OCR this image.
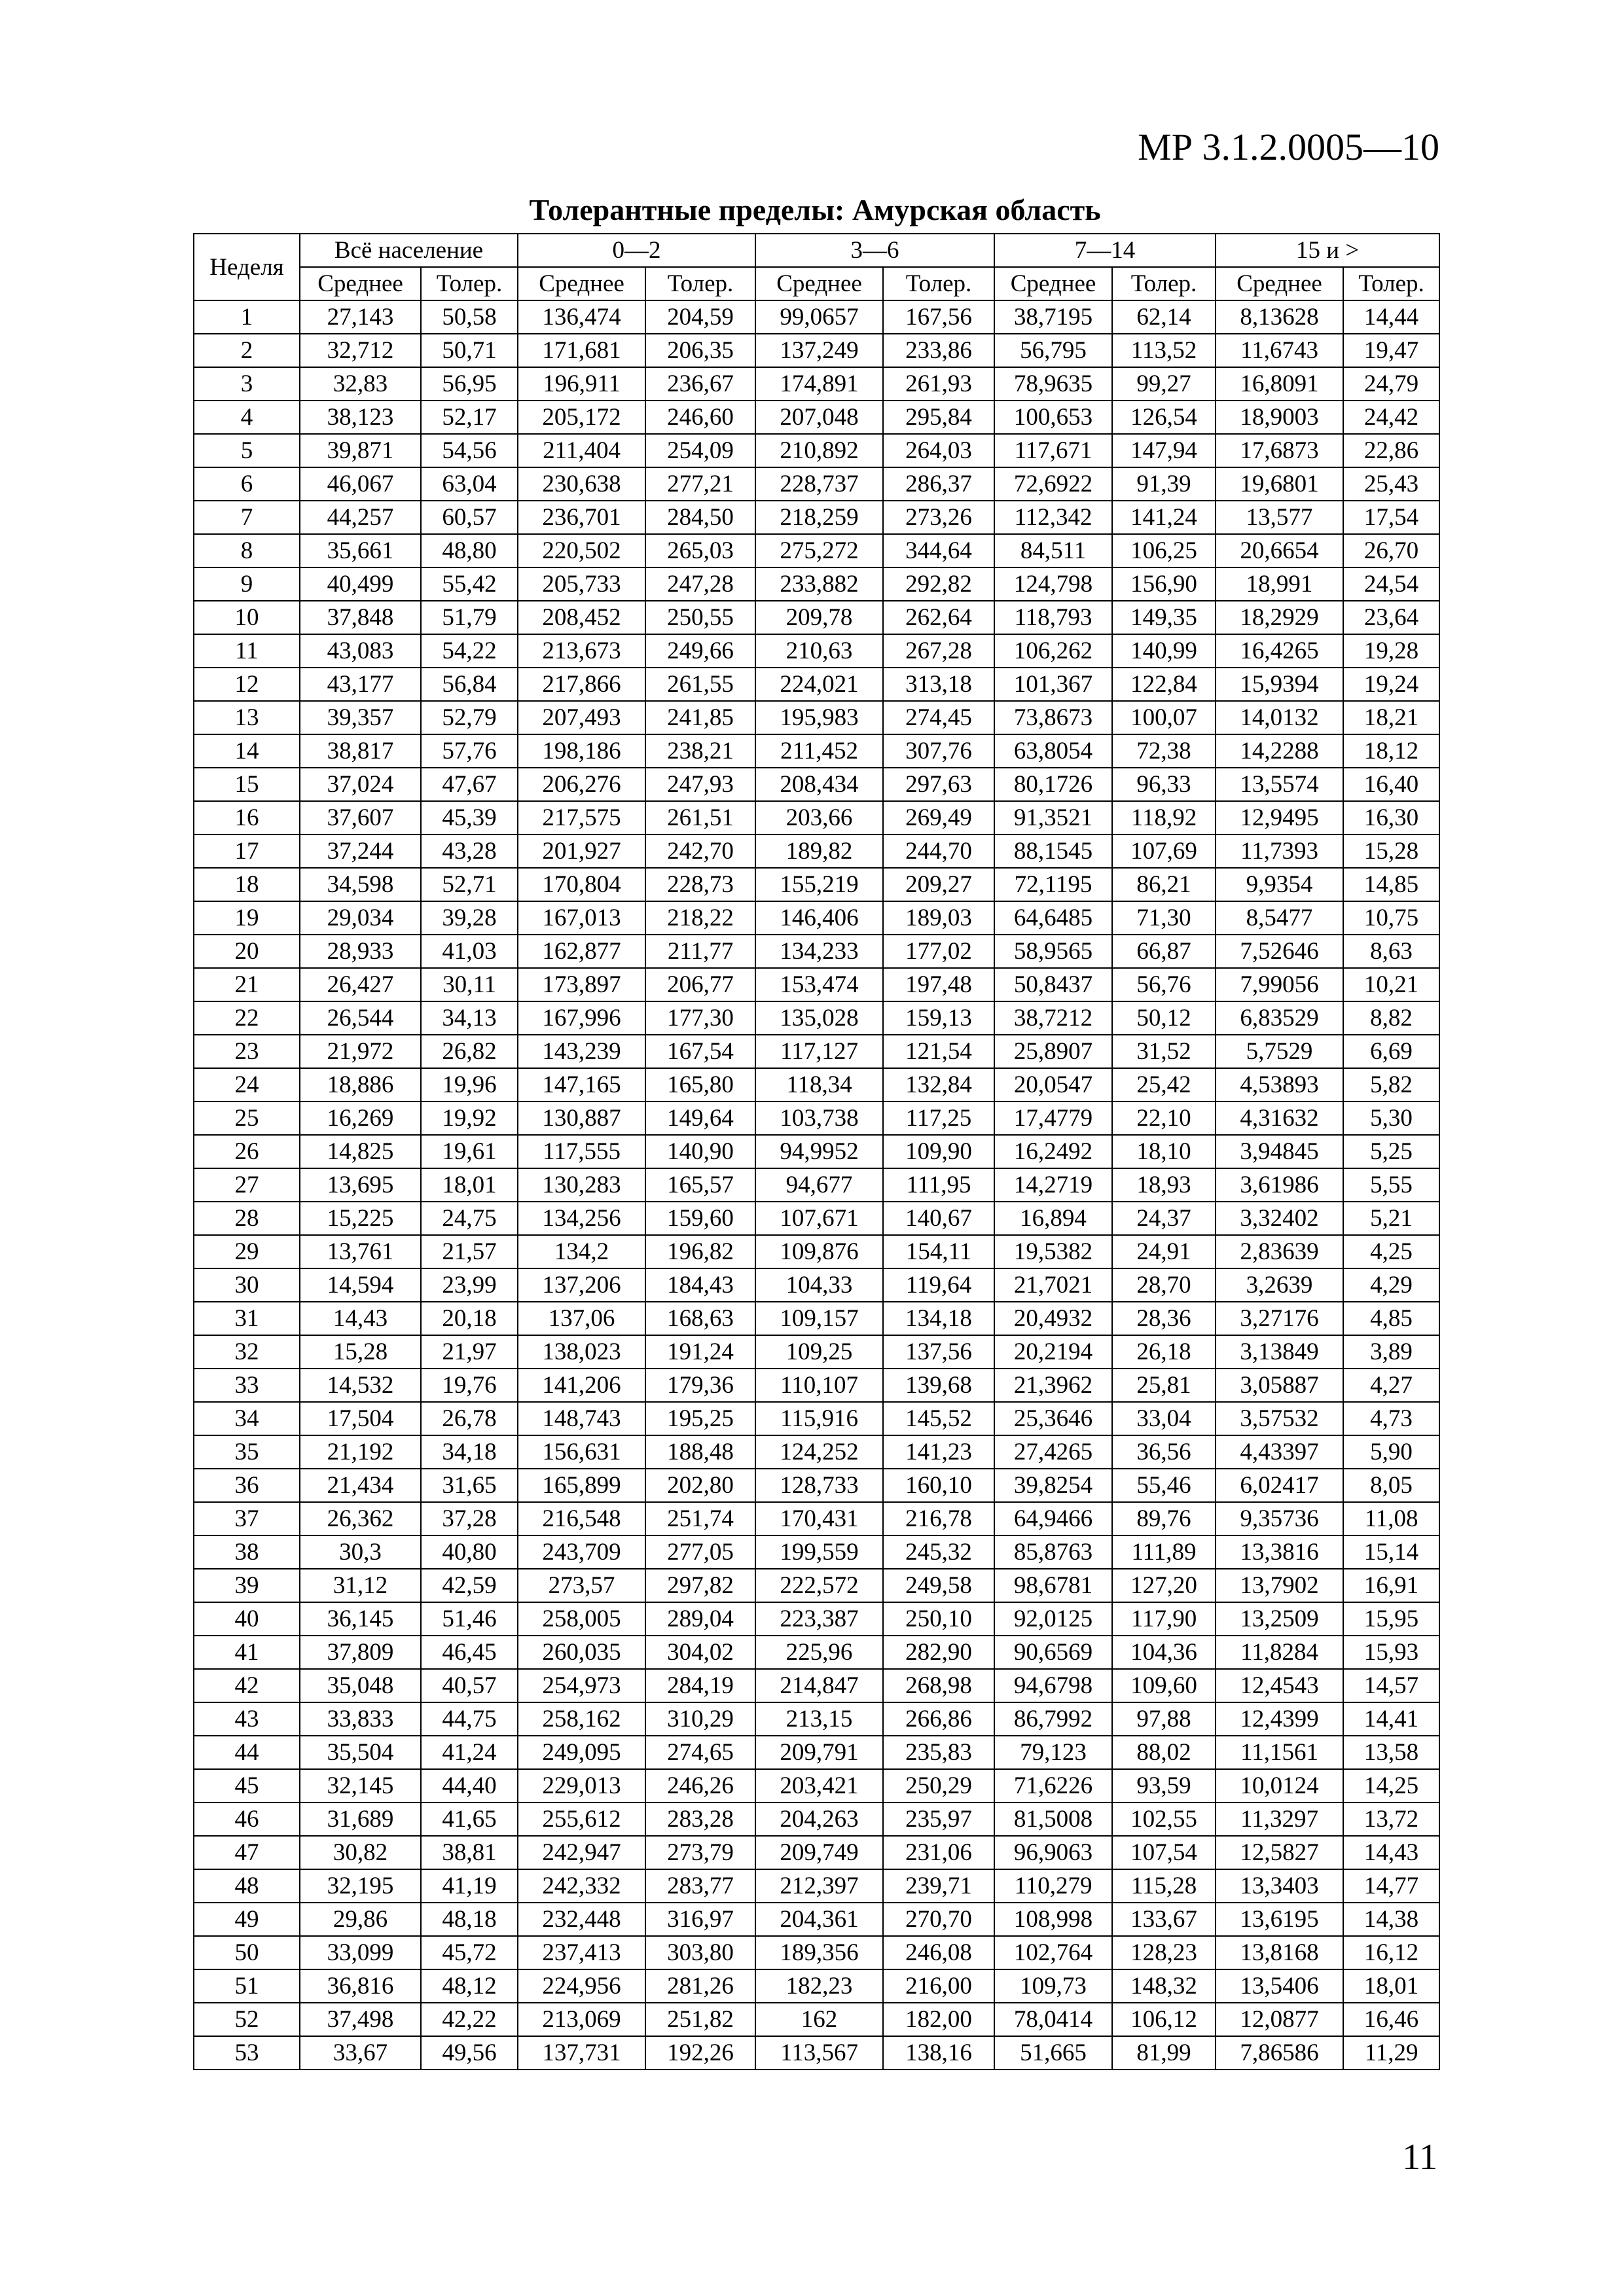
МР 3.1.2.0005—10
Толерантные пределы: Амурская область
Неделя	Всё население		0—2		3—6		7—14		15 и >	
	Среднее	Толер.	Среднее	Толер.	Среднее	Толер.	Среднее	Толер.	Среднее	Толер.
1	27,143	50,58	136,474	204,59	99,0657	167,56	38,7195	62,14	8,13628	14,44
2	32,712	50,71	171,681	206,35	137,249	233,86	56,795	113,52	11,6743	19,47
3	32,83	56,95	196,911	236,67	174,891	261,93	78,9635	99,27	16,8091	24,79
4	38,123	52,17	205,172	246,60	207,048	295,84	100,653	126,54	18,9003	24,42
5	39,871	54,56	211,404	254,09	210,892	264,03	117,671	147,94	17,6873	22,86
6	46,067	63,04	230,638	277,21	228,737	286,37	72,6922	91,39	19,6801	25,43
7	44,257	60,57	236,701	284,50	218,259	273,26	112,342	141,24	13,577	17,54
8	35,661	48,80	220,502	265,03	275,272	344,64	84,511	106,25	20,6654	26,70
9	40,499	55,42	205,733	247,28	233,882	292,82	124,798	156,90	18,991	24,54
10	37,848	51,79	208,452	250,55	209,78	262,64	118,793	149,35	18,2929	23,64
11	43,083	54,22	213,673	249,66	210,63	267,28	106,262	140,99	16,4265	19,28
12	43,177	56,84	217,866	261,55	224,021	313,18	101,367	122,84	15,9394	19,24
13	39,357	52,79	207,493	241,85	195,983	274,45	73,8673	100,07	14,0132	18,21
14	38,817	57,76	198,186	238,21	211,452	307,76	63,8054	72,38	14,2288	18,12
15	37,024	47,67	206,276	247,93	208,434	297,63	80,1726	96,33	13,5574	16,40
16	37,607	45,39	217,575	261,51	203,66	269,49	91,3521	118,92	12,9495	16,30
17	37,244	43,28	201,927	242,70	189,82	244,70	88,1545	107,69	11,7393	15,28
18	34,598	52,71	170,804	228,73	155,219	209,27	72,1195	86,21	9,9354	14,85
19	29,034	39,28	167,013	218,22	146,406	189,03	64,6485	71,30	8,5477	10,75
20	28,933	41,03	162,877	211,77	134,233	177,02	58,9565	66,87	7,52646	8,63
21	26,427	30,11	173,897	206,77	153,474	197,48	50,8437	56,76	7,99056	10,21
22	26,544	34,13	167,996	177,30	135,028	159,13	38,7212	50,12	6,83529	8,82
23	21,972	26,82	143,239	167,54	117,127	121,54	25,8907	31,52	5,7529	6,69
24	18,886	19,96	147,165	165,80	118,34	132,84	20,0547	25,42	4,53893	5,82
25	16,269	19,92	130,887	149,64	103,738	117,25	17,4779	22,10	4,31632	5,30
26	14,825	19,61	117,555	140,90	94,9952	109,90	16,2492	18,10	3,94845	5,25
27	13,695	18,01	130,283	165,57	94,677	111,95	14,2719	18,93	3,61986	5,55
28	15,225	24,75	134,256	159,60	107,671	140,67	16,894	24,37	3,32402	5,21
29	13,761	21,57	134,2	196,82	109,876	154,11	19,5382	24,91	2,83639	4,25
30	14,594	23,99	137,206	184,43	104,33	119,64	21,7021	28,70	3,2639	4,29
31	14,43	20,18	137,06	168,63	109,157	134,18	20,4932	28,36	3,27176	4,85
32	15,28	21,97	138,023	191,24	109,25	137,56	20,2194	26,18	3,13849	3,89
33	14,532	19,76	141,206	179,36	110,107	139,68	21,3962	25,81	3,05887	4,27
34	17,504	26,78	148,743	195,25	115,916	145,52	25,3646	33,04	3,57532	4,73
35	21,192	34,18	156,631	188,48	124,252	141,23	27,4265	36,56	4,43397	5,90
36	21,434	31,65	165,899	202,80	128,733	160,10	39,8254	55,46	6,02417	8,05
37	26,362	37,28	216,548	251,74	170,431	216,78	64,9466	89,76	9,35736	11,08
38	30,3	40,80	243,709	277,05	199,559	245,32	85,8763	111,89	13,3816	15,14
39	31,12	42,59	273,57	297,82	222,572	249,58	98,6781	127,20	13,7902	16,91
40	36,145	51,46	258,005	289,04	223,387	250,10	92,0125	117,90	13,2509	15,95
41	37,809	46,45	260,035	304,02	225,96	282,90	90,6569	104,36	11,8284	15,93
42	35,048	40,57	254,973	284,19	214,847	268,98	94,6798	109,60	12,4543	14,57
43	33,833	44,75	258,162	310,29	213,15	266,86	86,7992	97,88	12,4399	14,41
44	35,504	41,24	249,095	274,65	209,791	235,83	79,123	88,02	11,1561	13,58
45	32,145	44,40	229,013	246,26	203,421	250,29	71,6226	93,59	10,0124	14,25
46	31,689	41,65	255,612	283,28	204,263	235,97	81,5008	102,55	11,3297	13,72
47	30,82	38,81	242,947	273,79	209,749	231,06	96,9063	107,54	12,5827	14,43
48	32,195	41,19	242,332	283,77	212,397	239,71	110,279	115,28	13,3403	14,77
49	29,86	48,18	232,448	316,97	204,361	270,70	108,998	133,67	13,6195	14,38
50	33,099	45,72	237,413	303,80	189,356	246,08	102,764	128,23	13,8168	16,12
51	36,816	48,12	224,956	281,26	182,23	216,00	109,73	148,32	13,5406	18,01
52	37,498	42,22	213,069	251,82	162	182,00	78,0414	106,12	12,0877	16,46
53	33,67	49,56	137,731	192,26	113,567	138,16	51,665	81,99	7,86586	11,29
11
